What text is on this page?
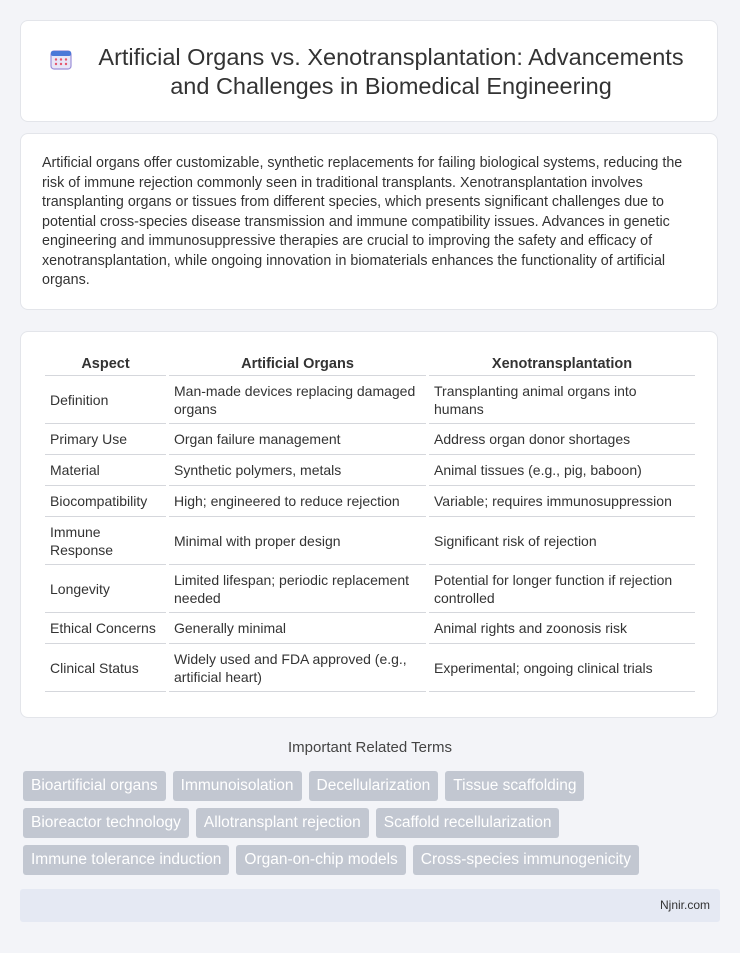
Artificial Organs vs. Xenotransplantation: Advancements and Challenges in Biomedical Engineering

Artificial organs offer customizable, synthetic replacements for failing biological systems, reducing the risk of immune rejection commonly seen in traditional transplants. Xenotransplantation involves transplanting organs or tissues from different species, which presents significant challenges due to potential cross-species disease transmission and immune compatibility issues. Advances in genetic engineering and immunosuppressive therapies are crucial to improving the safety and efficacy of xenotransplantation, while ongoing innovation in biomaterials enhances the functionality of artificial organs.

Aspect	Artificial Organs	Xenotransplantation
Definition	Man-made devices replacing damaged organs	Transplanting animal organs into humans
Primary Use	Organ failure management	Address organ donor shortages
Material	Synthetic polymers, metals	Animal tissues (e.g., pig, baboon)
Biocompatibility	High; engineered to reduce rejection	Variable; requires immunosuppression
Immune Response	Minimal with proper design	Significant risk of rejection
Longevity	Limited lifespan; periodic replacement needed	Potential for longer function if rejection controlled
Ethical Concerns	Generally minimal	Animal rights and zoonosis risk
Clinical Status	Widely used and FDA approved (e.g., artificial heart)	Experimental; ongoing clinical trials
Important Related Terms
Bioartificial organs	Immunoisolation	Decellularization	Tissue scaffolding
Bioreactor technology	Allotransplant rejection	Scaffold recellularization
Immune tolerance induction	Organ-on-chip models	Cross-species immunogenicity
Njnir.com
